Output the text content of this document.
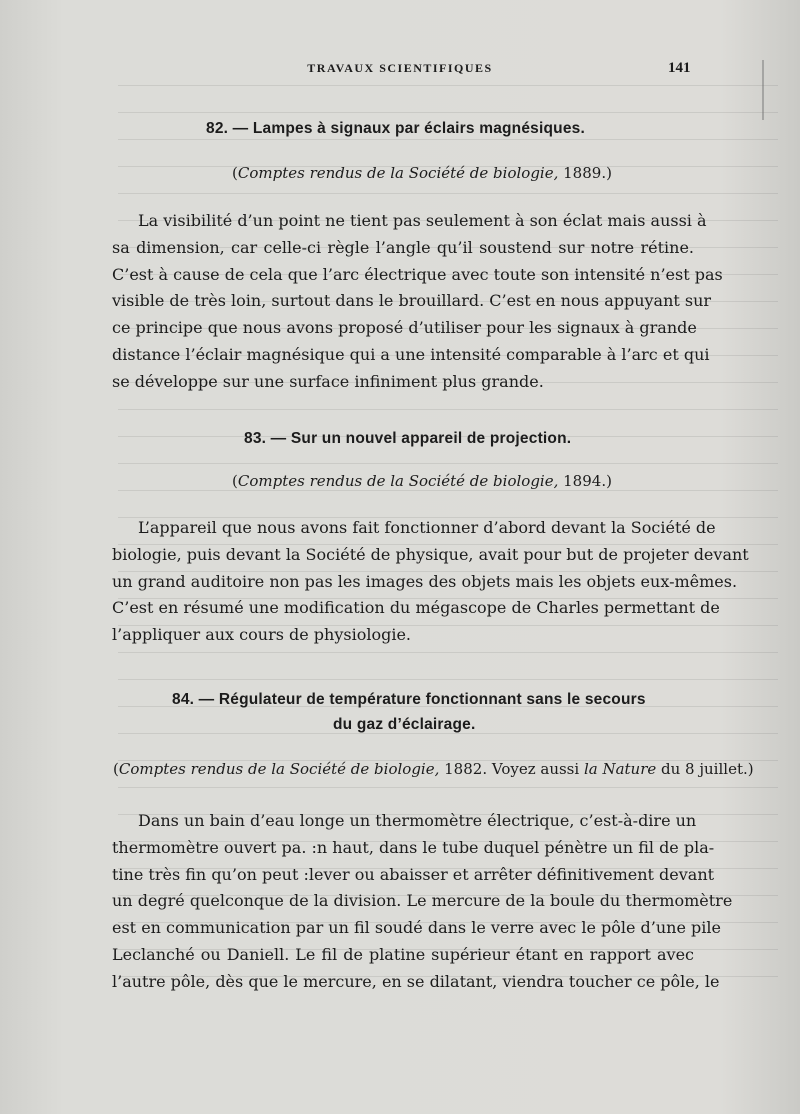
TRAVAUX SCIENTIFIQUES	141
82. — Lampes à signaux par éclairs magnésiques.
(Comptes rendus de la Société de biologie, 1889.)
La visibilité d’un point ne tient pas seulement à son éclat mais aussi à
sa dimension, car celle-ci règle l’angle qu’il soustend sur notre rétine.
C’est à cause de cela que l’arc électrique avec toute son intensité n’est pas
visible de très loin, surtout dans le brouillard. C’est en nous appuyant sur
ce principe que nous avons proposé d’utiliser pour les signaux à grande
distance l’éclair magnésique qui a une intensité comparable à l’arc et qui
se développe sur une surface infiniment plus grande.
83. — Sur un nouvel appareil de projection.
(Comptes rendus de la Société de biologie, 1894.)
L’appareil que nous avons fait fonctionner d’abord devant la Société de
biologie, puis devant la Société de physique, avait pour but de projeter devant
un grand auditoire non pas les images des objets mais les objets eux-mêmes.
C’est en résumé une modification du mégascope de Charles permettant de
l’appliquer aux cours de physiologie.
84. — Régulateur de température fonctionnant sans le secours
du gaz d’éclairage.
(Comptes rendus de la Société de biologie, 1882. Voyez aussi la Nature du 8 juillet.)
Dans un bain d’eau longe un thermomètre électrique, c’est-à-dire un
thermomètre ouvert pa. :n haut, dans le tube duquel pénètre un fil de pla-
tine très fin qu’on peut :lever ou abaisser et arrêter définitivement devant
un degré quelconque de la division. Le mercure de la boule du thermomètre
est en communication par un fil soudé dans le verre avec le pôle d’une pile
Leclanché ou Daniell. Le fil de platine supérieur étant en rapport avec
l’autre pôle, dès que le mercure, en se dilatant, viendra toucher ce pôle, le
